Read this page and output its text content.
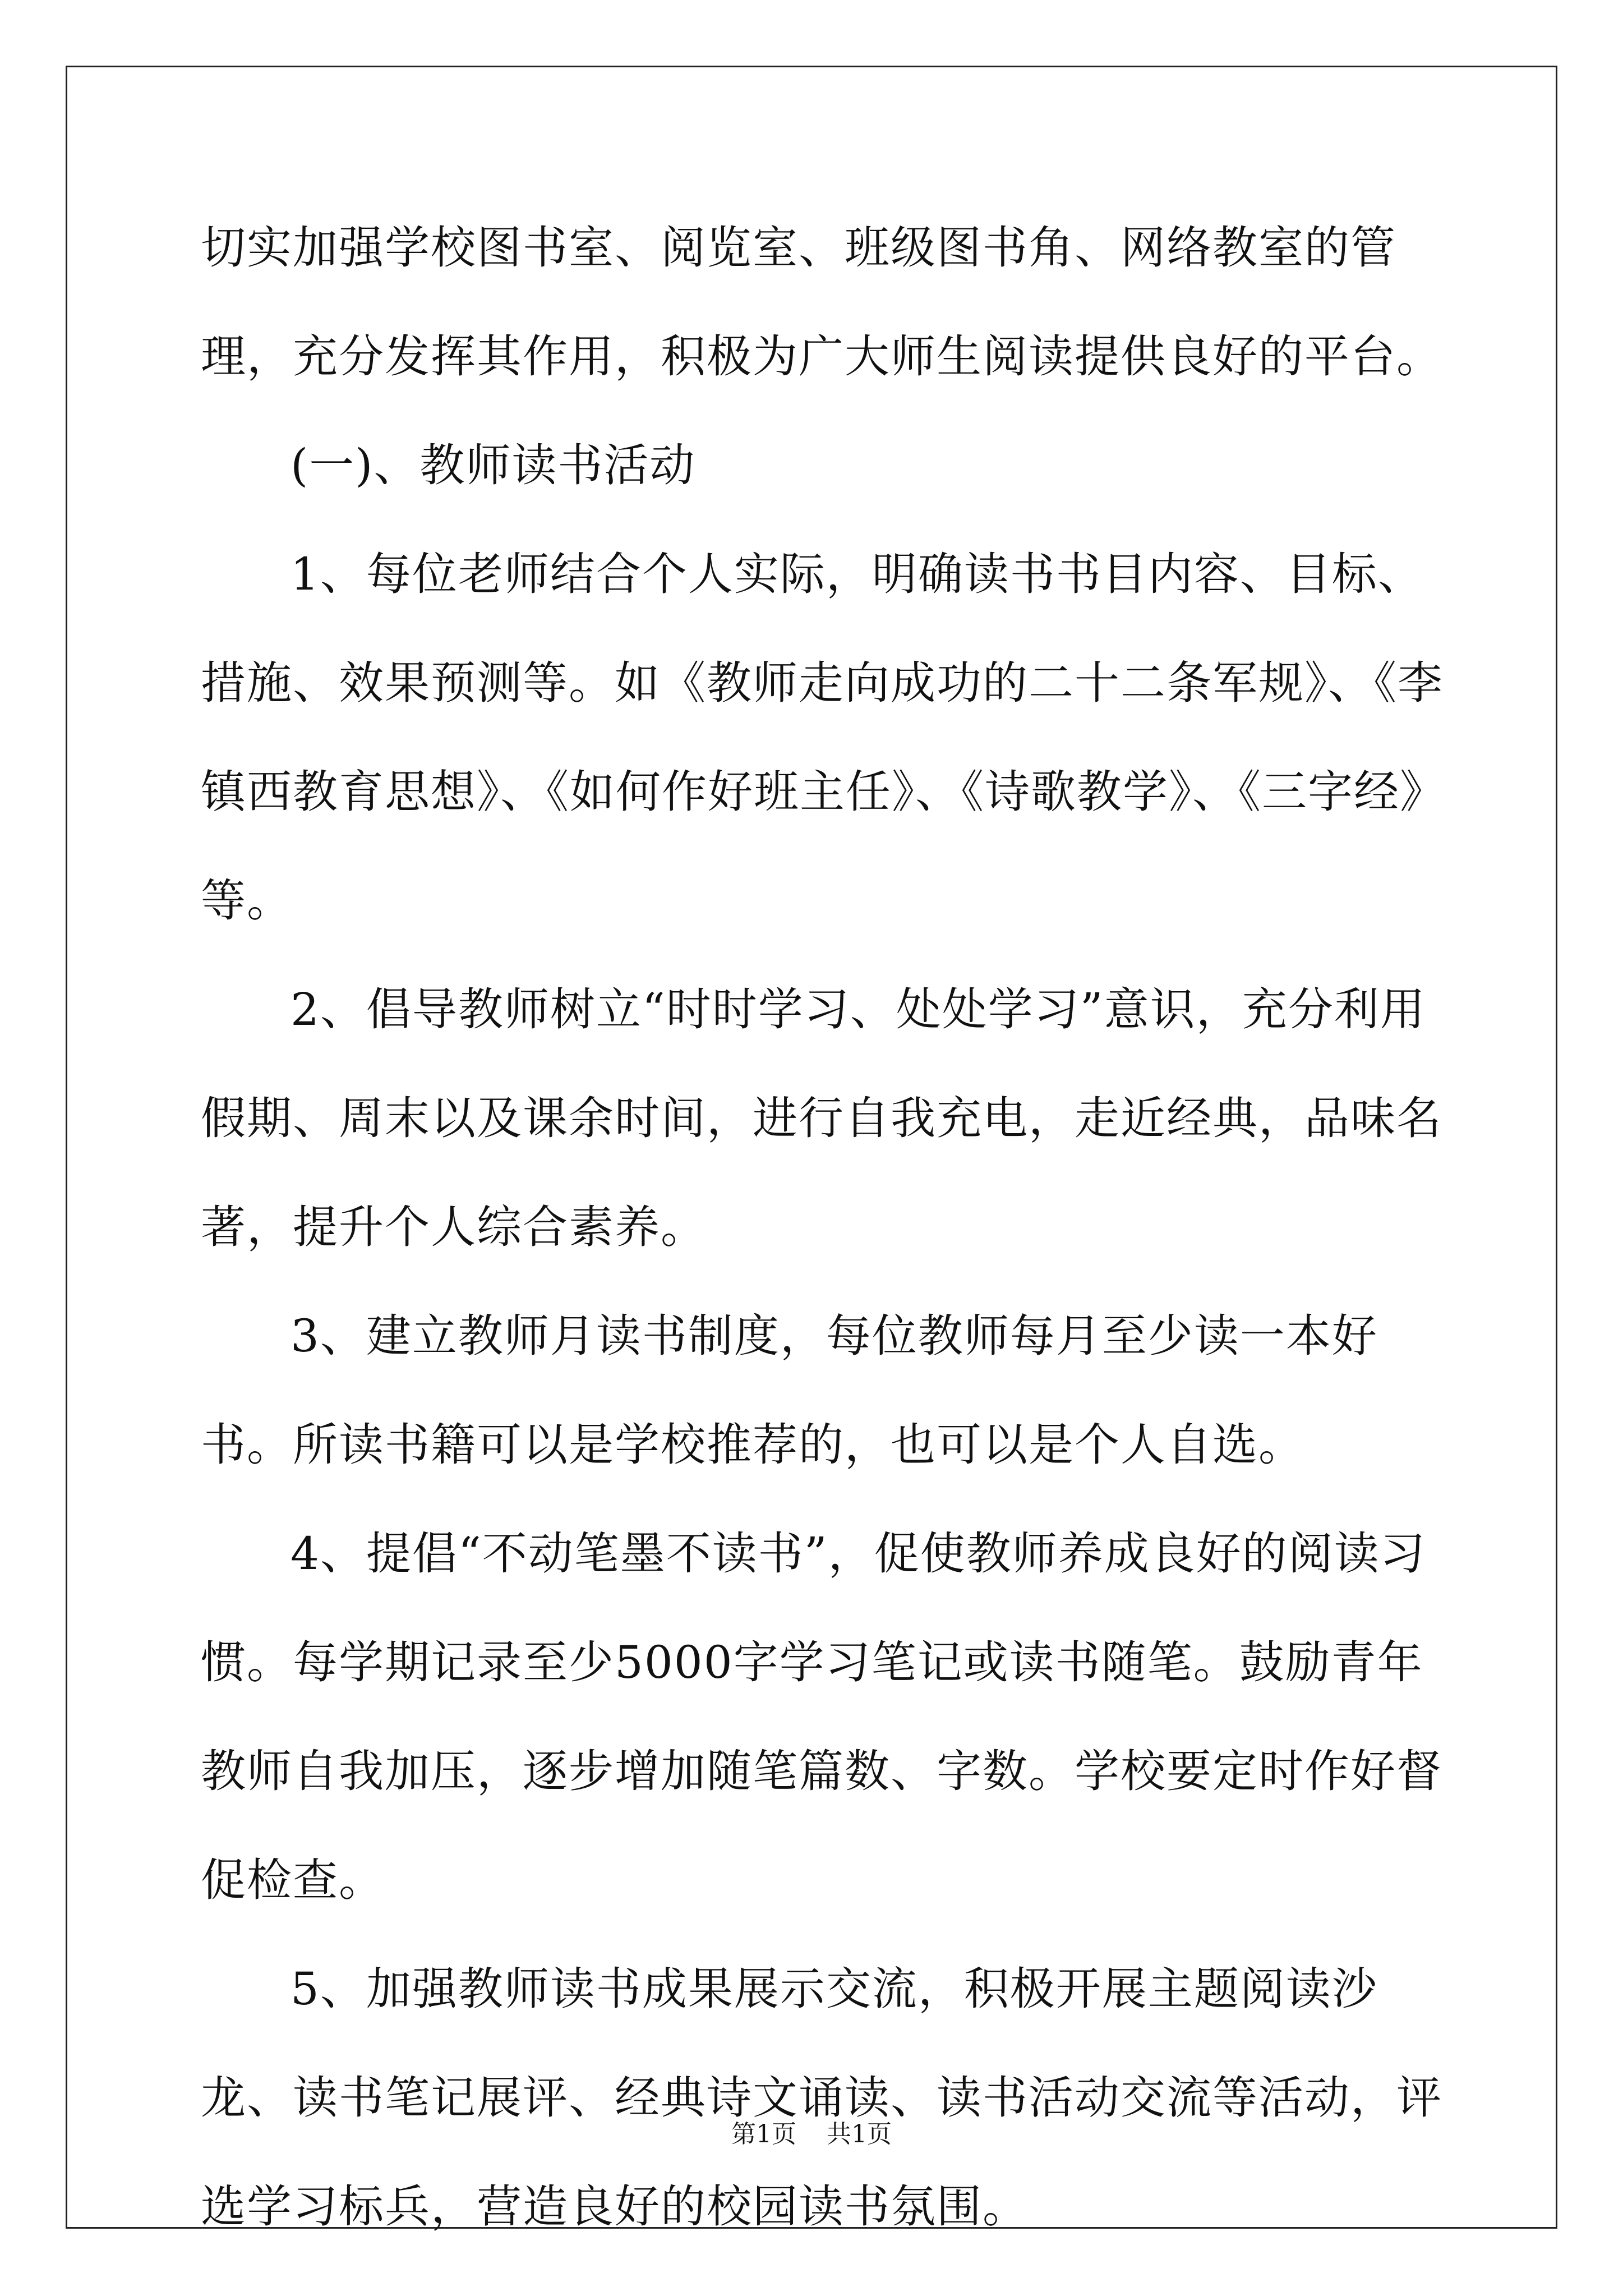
切实加强学校图书室、阅览室、班级图书角、网络教室的管理，充分发挥其作用，积极为广大师生阅读提供良好的平台。

(一)、教师读书活动

1、每位老师结合个人实际，明确读书书目内容、目标、措施、效果预测等。如《教师走向成功的二十二条军规》、《李镇西教育思想》、《如何作好班主任》、《诗歌教学》、《三字经》等。

2、倡导教师树立“时时学习、处处学习”意识，充分利用假期、周末以及课余时间，进行自我充电，走近经典，品味名著，提升个人综合素养。

3、建立教师月读书制度，每位教师每月至少读一本好书。所读书籍可以是学校推荐的，也可以是个人自选。

4、提倡“不动笔墨不读书”，促使教师养成良好的阅读习惯。每学期记录至少5000字学习笔记或读书随笔。鼓励青年教师自我加压，逐步增加随笔篇数、字数。学校要定时作好督促检查。

5、加强教师读书成果展示交流，积极开展主题阅读沙龙、读书笔记展评、经典诗文诵读、读书活动交流等活动，评选学习标兵，营造良好的校园读书氛围。

第1页 共1页
